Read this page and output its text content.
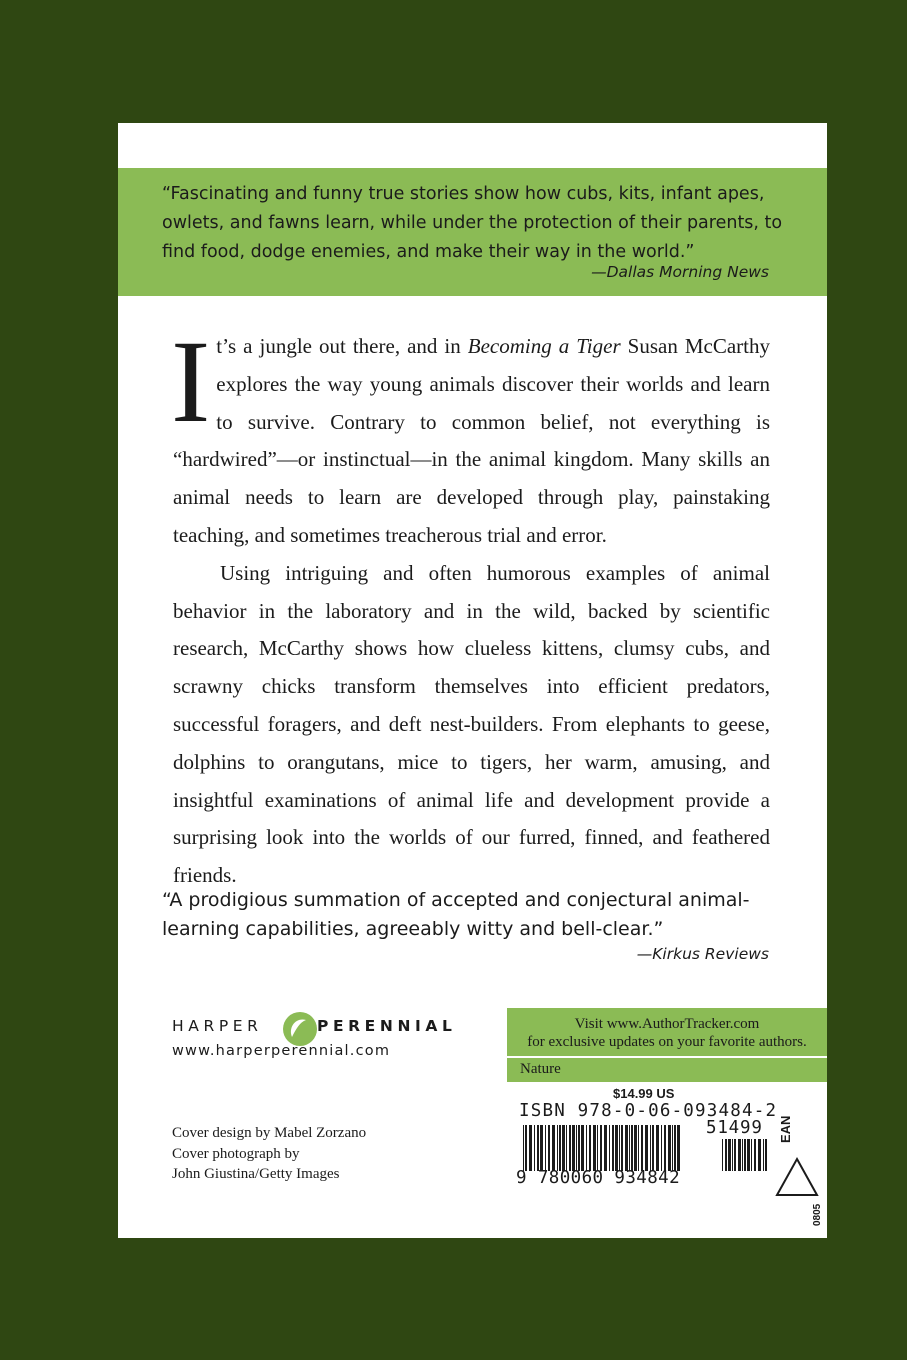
“Fascinating and funny true stories show how cubs, kits, infant apes, owlets, and fawns learn, while under the protection of their parents, to find food, dodge enemies, and make their way in the world.”
—Dallas Morning News

It’s a jungle out there, and in Becoming a Tiger Susan McCarthy explores the way young animals discover their worlds and learn to survive. Contrary to common belief, not everything is “hardwired”—or instinctual—in the animal kingdom. Many skills an animal needs to learn are developed through play, painstaking teaching, and sometimes treacherous trial and error.

Using intriguing and often humorous examples of animal behavior in the laboratory and in the wild, backed by scientific research, McCarthy shows how clueless kittens, clumsy cubs, and scrawny chicks transform themselves into efficient predators, successful foragers, and deft nest-builders. From elephants to geese, dolphins to orangutans, mice to tigers, her warm, amusing, and insightful examinations of animal life and development provide a surprising look into the worlds of our furred, finned, and feathered friends.

“A prodigious summation of accepted and conjectural animal-learning capabilities, agreeably witty and bell-clear.”
—Kirkus Reviews
HARPER	PERENNIAL
www.harperperennial.com
Cover design by Mabel Zorzano
Cover photograph by
John Giustina/Getty Images
Visit www.AuthorTracker.com
for exclusive updates on your favorite authors.
Nature
$14.99 US
ISBN 978-0-06-093484-2
9 780060 934842
51499 EAN
0805
